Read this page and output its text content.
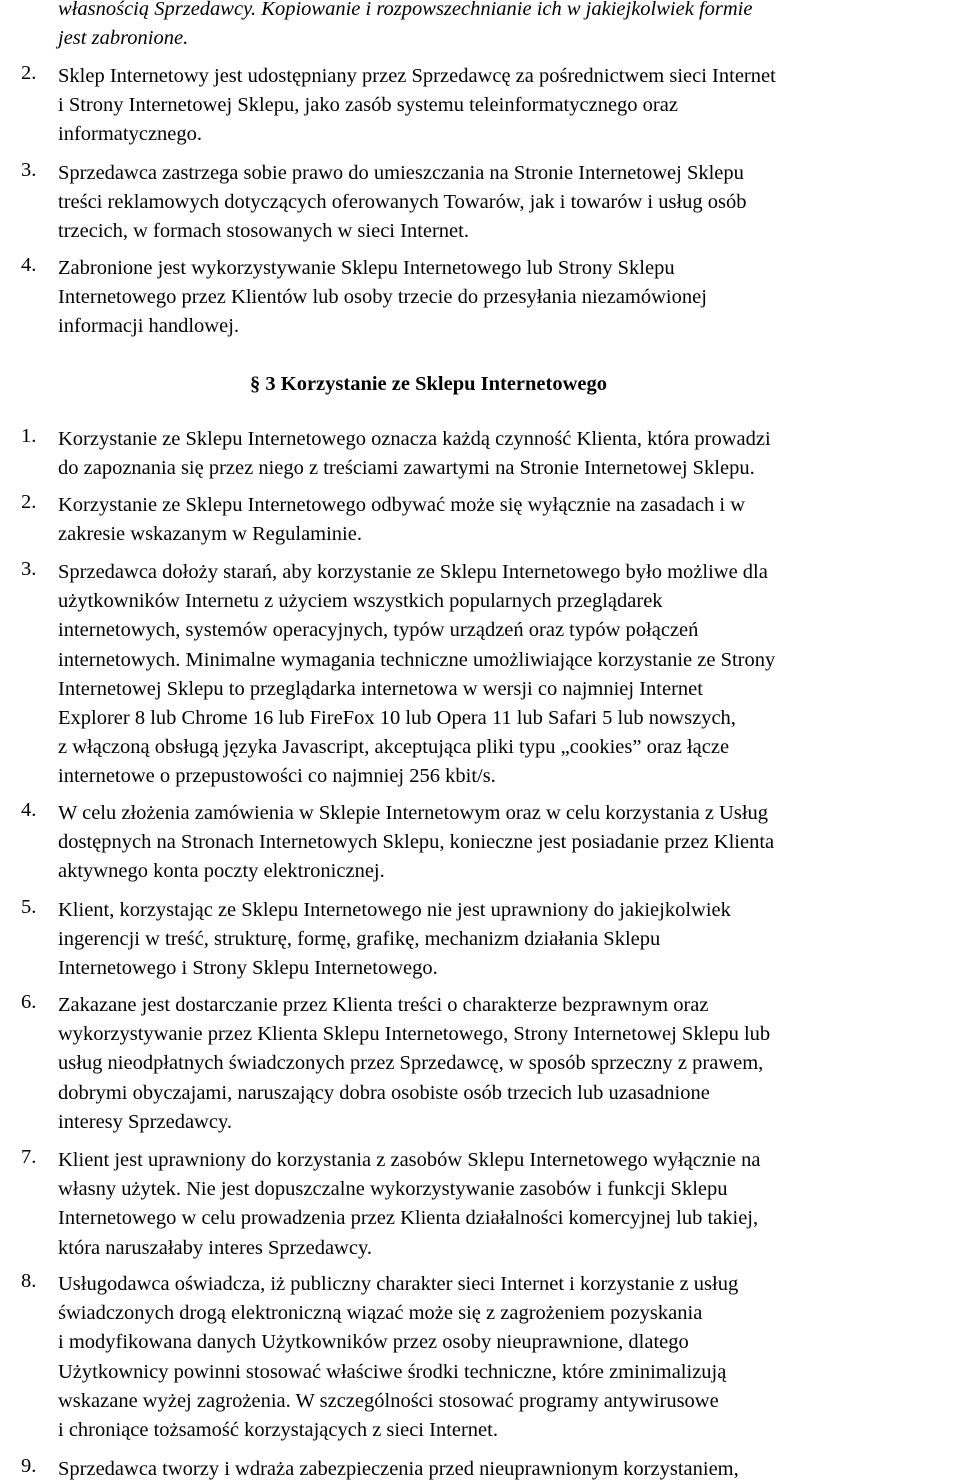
własnością Sprzedawcy. Kopiowanie i rozpowszechnianie ich w jakiejkolwiek formie
jest zabronione.
2.	Sklep Internetowy jest udostępniany przez Sprzedawcę za pośrednictwem sieci Internet
i Strony Internetowej Sklepu, jako zasób systemu teleinformatycznego oraz
informatycznego.
3.	Sprzedawca zastrzega sobie prawo do umieszczania na Stronie Internetowej Sklepu
treści reklamowych dotyczących oferowanych Towarów, jak i towarów i usług osób
trzecich, w formach stosowanych w sieci Internet.
4.	Zabronione jest wykorzystywanie Sklepu Internetowego lub Strony Sklepu
Internetowego przez Klientów lub osoby trzecie do przesyłania niezamówionej
informacji handlowej.
§ 3 Korzystanie ze Sklepu Internetowego
1.	Korzystanie ze Sklepu Internetowego oznacza każdą czynność Klienta, która prowadzi
do zapoznania się przez niego z treściami zawartymi na Stronie Internetowej Sklepu.
2.	Korzystanie ze Sklepu Internetowego odbywać może się wyłącznie na zasadach i w
zakresie wskazanym w Regulaminie.
3.	Sprzedawca dołoży starań, aby korzystanie ze Sklepu Internetowego było możliwe dla
użytkowników Internetu z użyciem wszystkich popularnych przeglądarek
internetowych, systemów operacyjnych, typów urządzeń oraz typów połączeń
internetowych. Minimalne wymagania techniczne umożliwiające korzystanie ze Strony
Internetowej Sklepu to przeglądarka internetowa w wersji co najmniej Internet
Explorer 8 lub Chrome 16 lub FireFox 10 lub Opera 11 lub Safari 5 lub nowszych,
z włączoną obsługą języka Javascript, akceptująca pliki typu „cookies” oraz łącze
internetowe o przepustowości co najmniej 256 kbit/s.
4.	W celu złożenia zamówienia w Sklepie Internetowym oraz w celu korzystania z Usług
dostępnych na Stronach Internetowych Sklepu, konieczne jest posiadanie przez Klienta
aktywnego konta poczty elektronicznej.
5.	Klient, korzystając ze Sklepu Internetowego nie jest uprawniony do jakiejkolwiek
ingerencji w treść, strukturę, formę, grafikę, mechanizm działania Sklepu
Internetowego i Strony Sklepu Internetowego.
6.	Zakazane jest dostarczanie przez Klienta treści o charakterze bezprawnym oraz
wykorzystywanie przez Klienta Sklepu Internetowego, Strony Internetowej Sklepu lub
usług nieodpłatnych świadczonych przez Sprzedawcę, w sposób sprzeczny z prawem,
dobrymi obyczajami, naruszający dobra osobiste osób trzecich lub uzasadnione
interesy Sprzedawcy.
7.	Klient jest uprawniony do korzystania z zasobów Sklepu Internetowego wyłącznie na
własny użytek. Nie jest dopuszczalne wykorzystywanie zasobów i funkcji Sklepu
Internetowego w celu prowadzenia przez Klienta działalności komercyjnej lub takiej,
która naruszałaby interes Sprzedawcy.
8.	Usługodawca oświadcza, iż publiczny charakter sieci Internet i korzystanie z usług
świadczonych drogą elektroniczną wiązać może się z zagrożeniem pozyskania
i modyfikowana danych Użytkowników przez osoby nieuprawnione, dlatego
Użytkownicy powinni stosować właściwe środki techniczne, które zminimalizują
wskazane wyżej zagrożenia. W szczególności stosować programy antywirusowe
i chroniące tożsamość korzystających z sieci Internet.
9.	Sprzedawca tworzy i wdraża zabezpieczenia przed nieuprawnionym korzystaniem,
